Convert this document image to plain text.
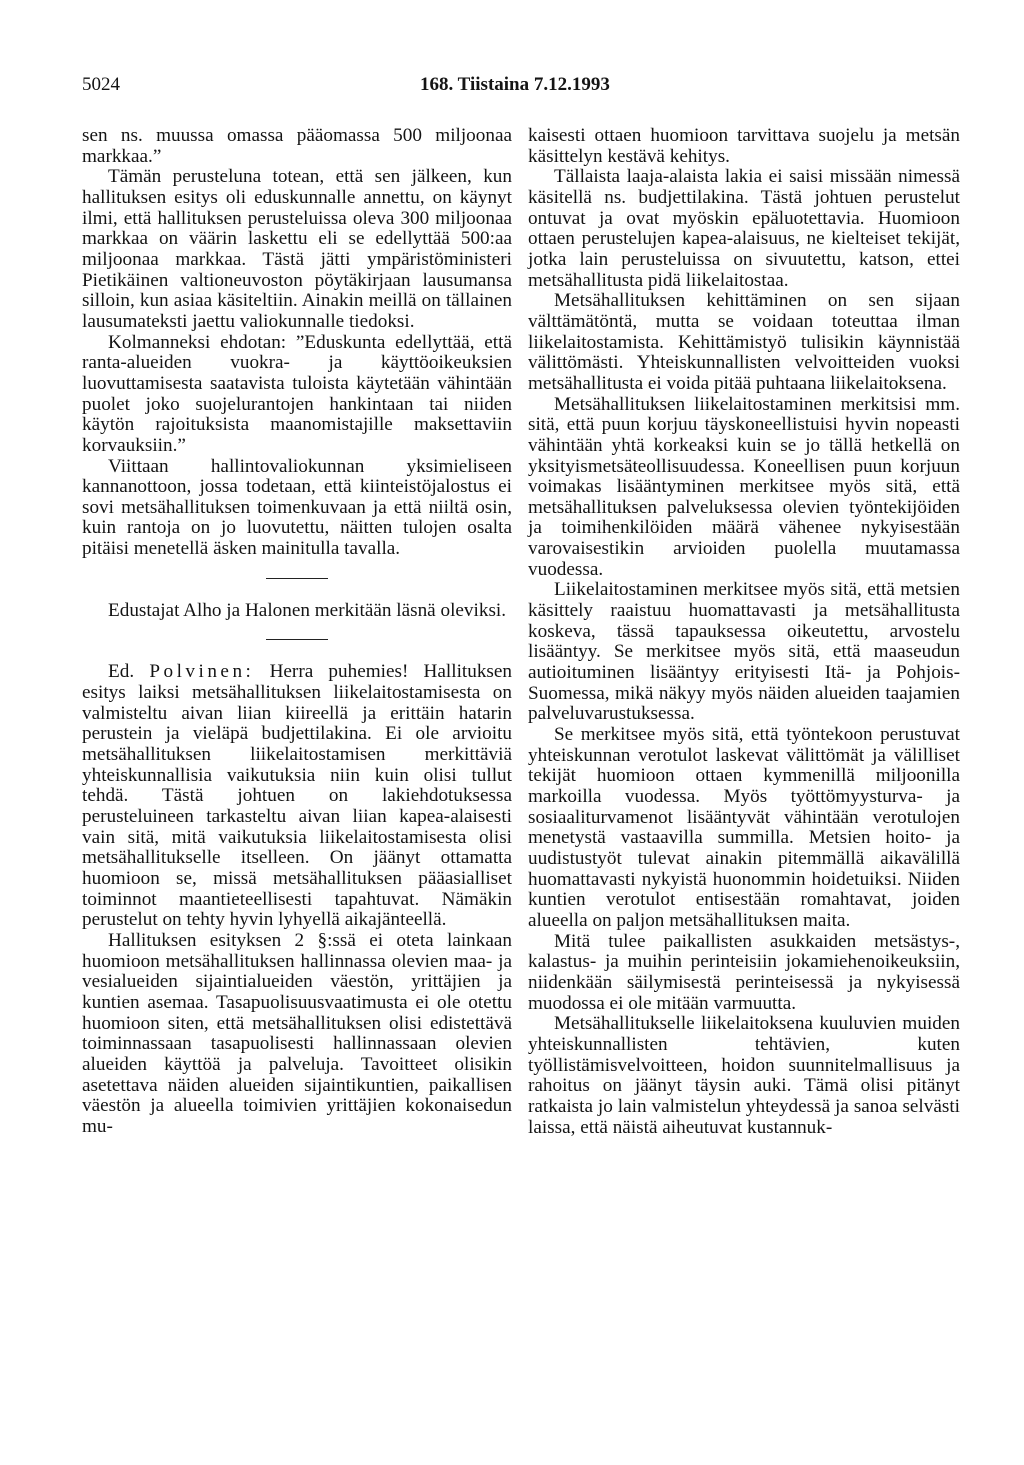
5024	168. Tiistaina 7.12.1993

sen ns. muussa omassa pääomassa 500 miljoonaa markkaa.”

Tämän perusteluna totean, että sen jälkeen, kun hallituksen esitys oli eduskunnalle annettu, on käynyt ilmi, että hallituksen perusteluissa oleva 300 miljoonaa markkaa on väärin laskettu eli se edellyttää 500:aa miljoonaa markkaa. Tästä jätti ympäristöministeri Pietikäinen valtioneuvoston pöytäkirjaan lausumansa silloin, kun asiaa käsiteltiin. Ainakin meillä on tällainen lausumateksti jaettu valiokunnalle tiedoksi.

Kolmanneksi ehdotan: ”Eduskunta edellyttää, että ranta-alueiden vuokra- ja käyttöoikeuksien luovuttamisesta saatavista tuloista käytetään vähintään puolet joko suojelurantojen hankintaan tai niiden käytön rajoituksista maanomistajille maksettaviin korvauksiin.”

Viittaan hallintovaliokunnan yksimieliseen kannanottoon, jossa todetaan, että kiinteistöjalostus ei sovi metsähallituksen toimenkuvaan ja että niiltä osin, kuin rantoja on jo luovutettu, näitten tulojen osalta pitäisi menetellä äsken mainitulla tavalla.

Edustajat Alho ja Halonen merkitään läsnä oleviksi.

Ed. Polvinen: Herra puhemies! Hallituksen esitys laiksi metsähallituksen liikelaitostamisesta on valmisteltu aivan liian kiireellä ja erittäin hatarin perustein ja vieläpä budjettilakina. Ei ole arvioitu metsähallituksen liikelaitostamisen merkittäviä yhteiskunnallisia vaikutuksia niin kuin olisi tullut tehdä. Tästä johtuen on lakiehdotuksessa perusteluineen tarkasteltu aivan liian kapea-alaisesti vain sitä, mitä vaikutuksia liikelaitostamisesta olisi metsähallitukselle itselleen. On jäänyt ottamatta huomioon se, missä metsähallituksen pääasialliset toiminnot maantieteellisesti tapahtuvat. Nämäkin perustelut on tehty hyvin lyhyellä aikajänteellä.

Hallituksen esityksen 2 §:ssä ei oteta lainkaan huomioon metsähallituksen hallinnassa olevien maa- ja vesialueiden sijaintialueiden väestön, yrittäjien ja kuntien asemaa. Tasapuolisuusvaatimusta ei ole otettu huomioon siten, että metsähallituksen olisi edistettävä toiminnassaan tasapuolisesti hallinnassaan olevien alueiden käyttöä ja palveluja. Tavoitteet olisikin asetettava näiden alueiden sijaintikuntien, paikallisen väestön ja alueella toimivien yrittäjien kokonaisedun mu-

kaisesti ottaen huomioon tarvittava suojelu ja metsän käsittelyn kestävä kehitys.

Tällaista laaja-alaista lakia ei saisi missään nimessä käsitellä ns. budjettilakina. Tästä johtuen perustelut ontuvat ja ovat myöskin epäluotettavia. Huomioon ottaen perustelujen kapea-alaisuus, ne kielteiset tekijät, jotka lain perusteluissa on sivuutettu, katson, ettei metsähallitusta pidä liikelaitostaa.

Metsähallituksen kehittäminen on sen sijaan välttämätöntä, mutta se voidaan toteuttaa ilman liikelaitostamista. Kehittämistyö tulisikin käynnistää välittömästi. Yhteiskunnallisten velvoitteiden vuoksi metsähallitusta ei voida pitää puhtaana liikelaitoksena.

Metsähallituksen liikelaitostaminen merkitsisi mm. sitä, että puun korjuu täyskoneellistuisi hyvin nopeasti vähintään yhtä korkeaksi kuin se jo tällä hetkellä on yksityismetsäteollisuudessa. Koneellisen puun korjuun voimakas lisääntyminen merkitsee myös sitä, että metsähallituksen palveluksessa olevien työntekijöiden ja toimihenkilöiden määrä vähenee nykyisestään varovaisestikin arvioiden puolella muutamassa vuodessa.

Liikelaitostaminen merkitsee myös sitä, että metsien käsittely raaistuu huomattavasti ja metsähallitusta koskeva, tässä tapauksessa oikeutettu, arvostelu lisääntyy. Se merkitsee myös sitä, että maaseudun autioituminen lisääntyy erityisesti Itä- ja Pohjois-Suomessa, mikä näkyy myös näiden alueiden taajamien palveluvarustuksessa.

Se merkitsee myös sitä, että työntekoon perustuvat yhteiskunnan verotulot laskevat välittömät ja välilliset tekijät huomioon ottaen kymmenillä miljoonilla markoilla vuodessa. Myös työttömyysturva- ja sosiaaliturvamenot lisääntyvät vähintään verotulojen menetystä vastaavilla summilla. Metsien hoito- ja uudistustyöt tulevat ainakin pitemmällä aikavälillä huomattavasti nykyistä huonommin hoidetuiksi. Niiden kuntien verotulot entisestään romahtavat, joiden alueella on paljon metsähallituksen maita.

Mitä tulee paikallisten asukkaiden metsästys-, kalastus- ja muihin perinteisiin jokamiehenoikeuksiin, niidenkään säilymisestä perinteisessä ja nykyisessä muodossa ei ole mitään varmuutta.

Metsähallitukselle liikelaitoksena kuuluvien muiden yhteiskunnallisten tehtävien, kuten työllistämisvelvoitteen, hoidon suunnitelmallisuus ja rahoitus on jäänyt täysin auki. Tämä olisi pitänyt ratkaista jo lain valmistelun yhteydessä ja sanoa selvästi laissa, että näistä aiheutuvat kustannuk-
